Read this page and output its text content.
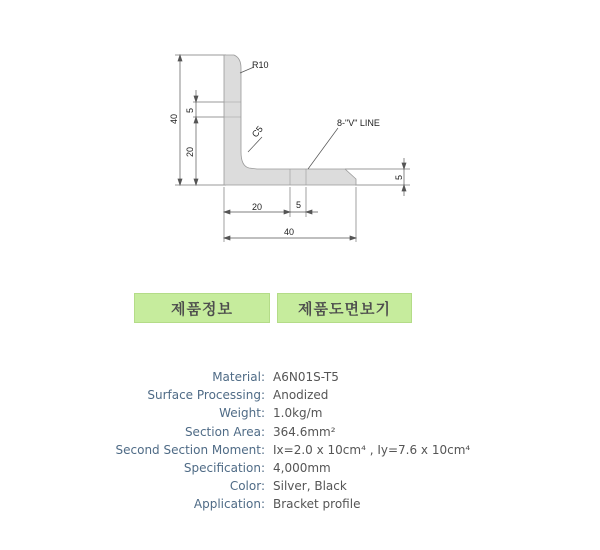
R10
C5
8-"V" LINE
40
5
20
20	5
40
5
제품정보	제품도면보기
Material: A6N01S-T5
Surface Processing: Anodized
Weight: 1.0kg/m
Section Area: 364.6mm²
Second Section Moment: Ix=2.0 x 10cm⁴ , Iy=7.6 x 10cm⁴
Specification: 4,000mm
Color: Silver, Black
Application: Bracket profile
